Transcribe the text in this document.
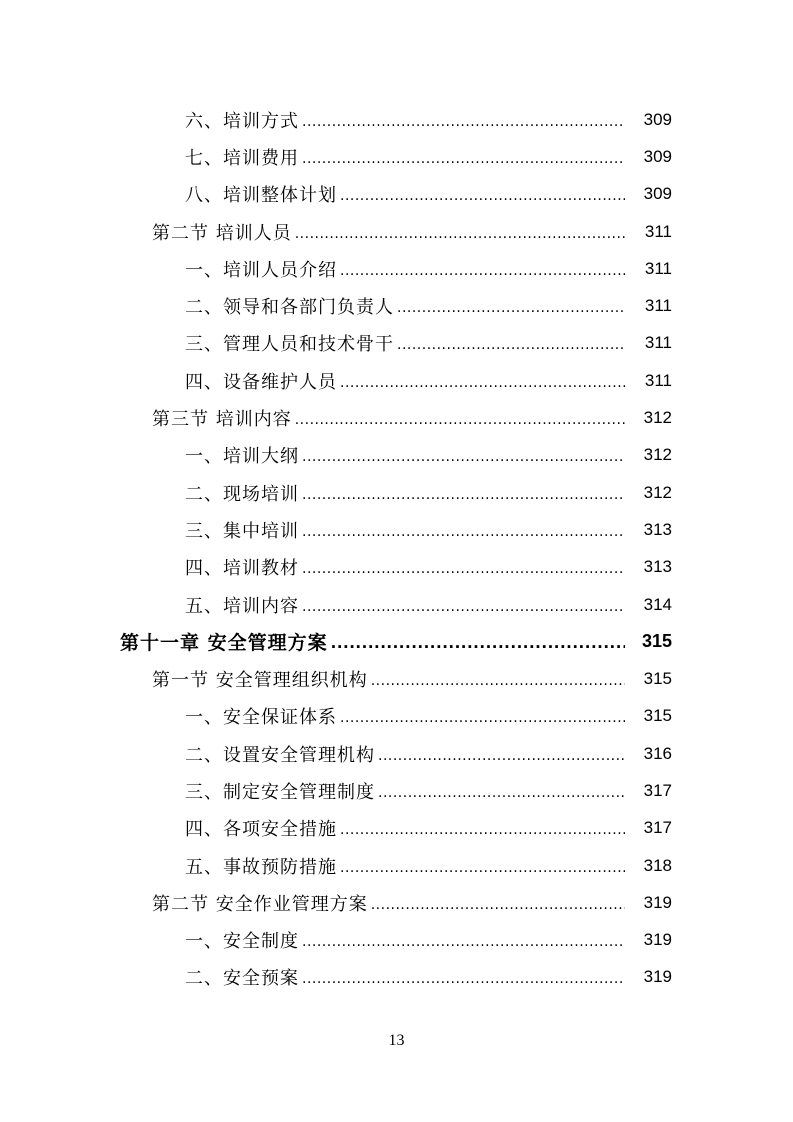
六、培训方式 .....	309
七、培训费用 .....	309
八、培训整体计划 .....	309
第二节 培训人员 .....	311
一、培训人员介绍 .....	311
二、领导和各部门负责人 .....	311
三、管理人员和技术骨干 .....	311
四、设备维护人员 .....	311
第三节 培训内容 .....	312
一、培训大纲 .....	312
二、现场培训 .....	312
三、集中培训 .....	313
四、培训教材 .....	313
五、培训内容 .....	314
第十一章 安全管理方案 .....	315
第一节 安全管理组织机构 .....	315
一、安全保证体系 .....	315
二、设置安全管理机构 .....	316
三、制定安全管理制度 .....	317
四、各项安全措施 .....	317
五、事故预防措施 .....	318
第二节 安全作业管理方案 .....	319
一、安全制度 .....	319
二、安全预案 .....	319
13
